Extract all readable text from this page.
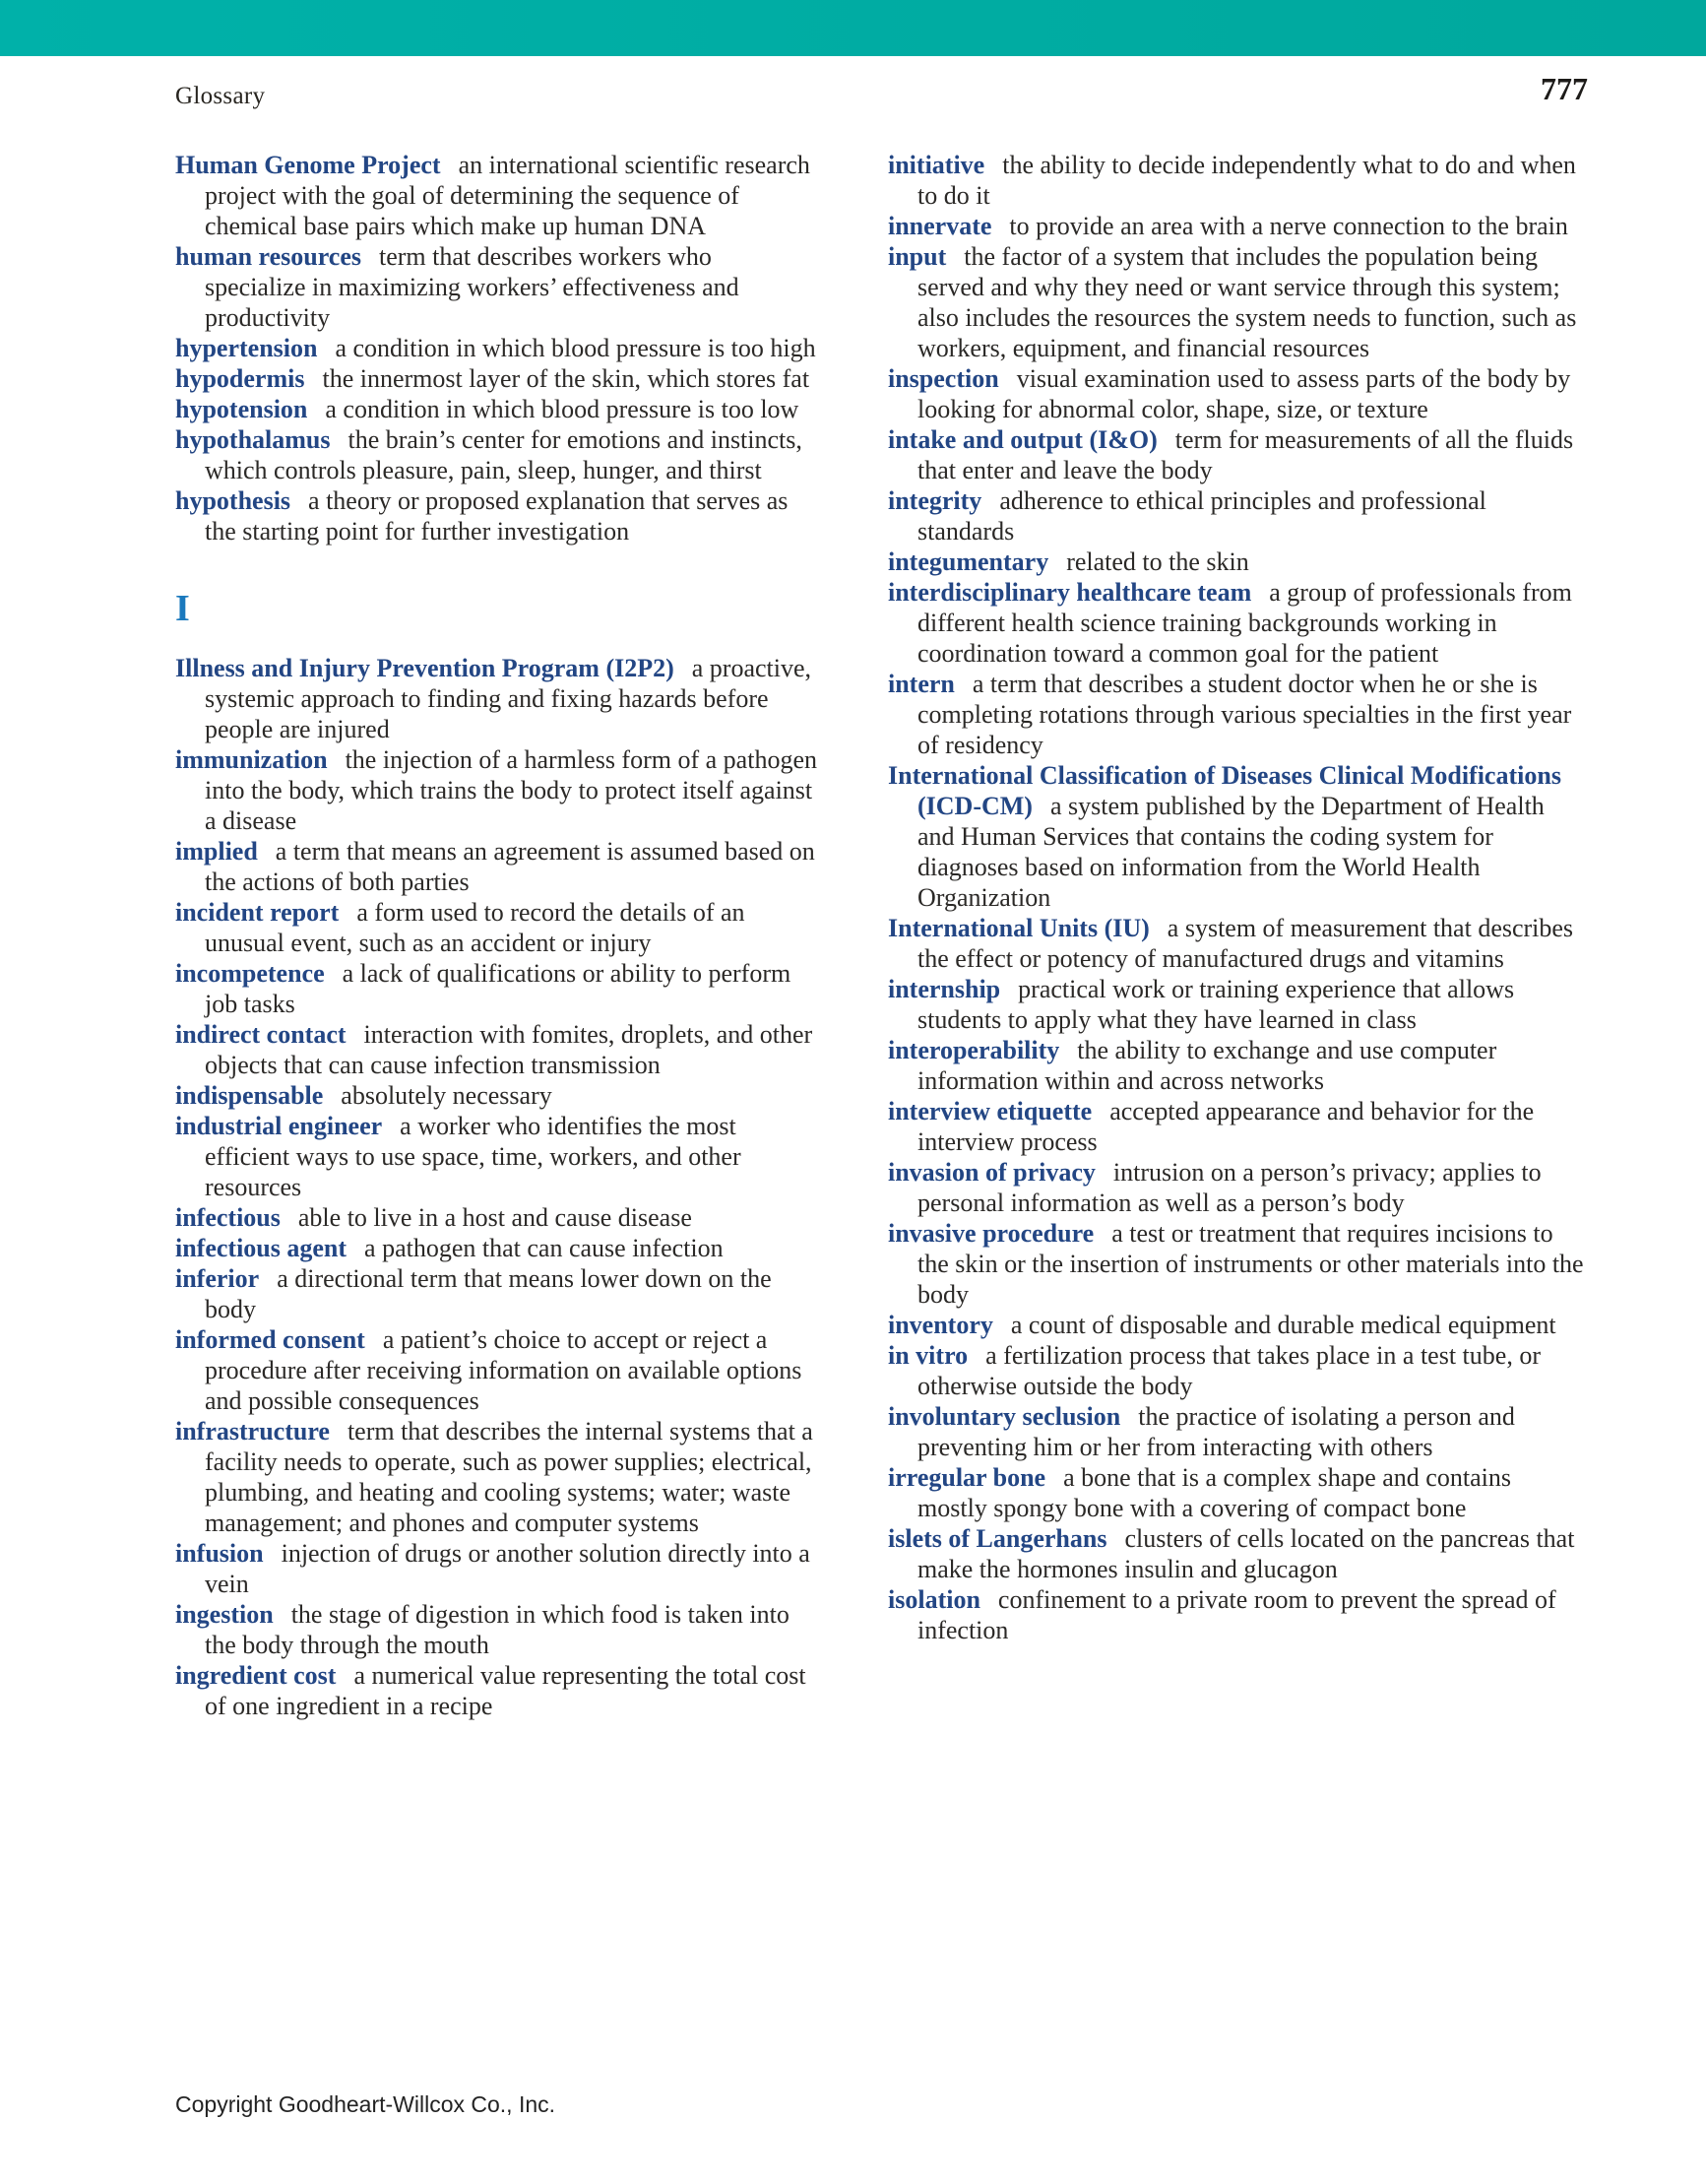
Glossary	777

Human Genome Project an international scientific research project with the goal of determining the sequence of chemical base pairs which make up human DNA

human resources term that describes workers who specialize in maximizing workers’ effectiveness and productivity

hypertension a condition in which blood pressure is too high

hypodermis the innermost layer of the skin, which stores fat

hypotension a condition in which blood pressure is too low

hypothalamus the brain’s center for emotions and instincts, which controls pleasure, pain, sleep, hunger, and thirst

hypothesis a theory or proposed explanation that serves as the starting point for further investigation

I

Illness and Injury Prevention Program (I2P2) a proactive, systemic approach to finding and fixing hazards before people are injured

immunization the injection of a harmless form of a pathogen into the body, which trains the body to protect itself against a disease

implied a term that means an agreement is assumed based on the actions of both parties

incident report a form used to record the details of an unusual event, such as an accident or injury

incompetence a lack of qualifications or ability to perform job tasks

indirect contact interaction with fomites, droplets, and other objects that can cause infection transmission

indispensable absolutely necessary

industrial engineer a worker who identifies the most efficient ways to use space, time, workers, and other resources

infectious able to live in a host and cause disease

infectious agent a pathogen that can cause infection

inferior a directional term that means lower down on the body

informed consent a patient’s choice to accept or reject a procedure after receiving information on available options and possible consequences

infrastructure term that describes the internal systems that a facility needs to operate, such as power supplies; electrical, plumbing, and heating and cooling systems; water; waste management; and phones and computer systems

infusion injection of drugs or another solution directly into a vein

ingestion the stage of digestion in which food is taken into the body through the mouth

ingredient cost a numerical value representing the total cost of one ingredient in a recipe

initiative the ability to decide independently what to do and when to do it

innervate to provide an area with a nerve connection to the brain

input the factor of a system that includes the population being served and why they need or want service through this system; also includes the resources the system needs to function, such as workers, equipment, and financial resources

inspection visual examination used to assess parts of the body by looking for abnormal color, shape, size, or texture

intake and output (I&O) term for measurements of all the fluids that enter and leave the body

integrity adherence to ethical principles and professional standards

integumentary related to the skin

interdisciplinary healthcare team a group of professionals from different health science training backgrounds working in coordination toward a common goal for the patient

intern a term that describes a student doctor when he or she is completing rotations through various specialties in the first year of residency

International Classification of Diseases Clinical Modifications (ICD-CM) a system published by the Department of Health and Human Services that contains the coding system for diagnoses based on information from the World Health Organization

International Units (IU) a system of measurement that describes the effect or potency of manufactured drugs and vitamins

internship practical work or training experience that allows students to apply what they have learned in class

interoperability the ability to exchange and use computer information within and across networks

interview etiquette accepted appearance and behavior for the interview process

invasion of privacy intrusion on a person’s privacy; applies to personal information as well as a person’s body

invasive procedure a test or treatment that requires incisions to the skin or the insertion of instruments or other materials into the body

inventory a count of disposable and durable medical equipment

in vitro a fertilization process that takes place in a test tube, or otherwise outside the body

involuntary seclusion the practice of isolating a person and preventing him or her from interacting with others

irregular bone a bone that is a complex shape and contains mostly spongy bone with a covering of compact bone

islets of Langerhans clusters of cells located on the pancreas that make the hormones insulin and glucagon

isolation confinement to a private room to prevent the spread of infection

Copyright Goodheart-Willcox Co., Inc.
